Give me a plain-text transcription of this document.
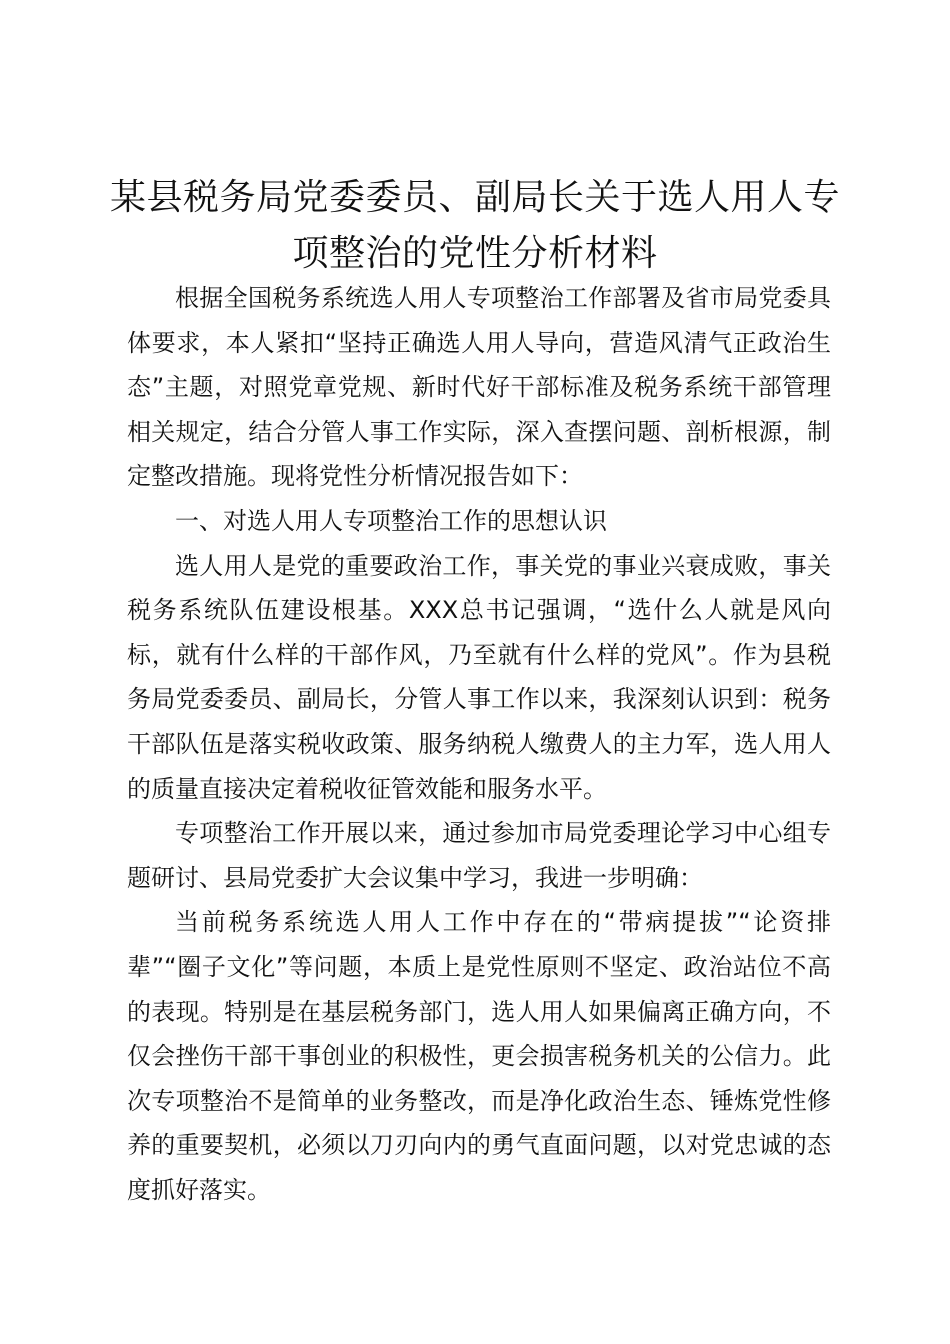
某县税务局党委委员、副局长关于选人用人专
项整治的党性分析材料

根据全国税务系统选人用人专项整治工作部署及省市局党委具体要求，本人紧扣“坚持正确选人用人导向，营造风清气正政治生态”主题，对照党章党规、新时代好干部标准及税务系统干部管理相关规定，结合分管人事工作实际，深入查摆问题、剖析根源，制定整改措施。现将党性分析情况报告如下：

一、对选人用人专项整治工作的思想认识

选人用人是党的重要政治工作，事关党的事业兴衰成败，事关税务系统队伍建设根基。XXX总书记强调，“选什么人就是风向标，就有什么样的干部作风，乃至就有什么样的党风”。作为县税务局党委委员、副局长，分管人事工作以来，我深刻认识到：税务干部队伍是落实税收政策、服务纳税人缴费人的主力军，选人用人的质量直接决定着税收征管效能和服务水平。

专项整治工作开展以来，通过参加市局党委理论学习中心组专题研讨、县局党委扩大会议集中学习，我进一步明确：

当前税务系统选人用人工作中存在的“带病提拔”“论资排辈”“圈子文化”等问题，本质上是党性原则不坚定、政治站位不高的表现。特别是在基层税务部门，选人用人如果偏离正确方向，不仅会挫伤干部干事创业的积极性，更会损害税务机关的公信力。此次专项整治不是简单的业务整改，而是净化政治生态、锤炼党性修养的重要契机，必须以刀刃向内的勇气直面问题，以对党忠诚的态度抓好落实。
